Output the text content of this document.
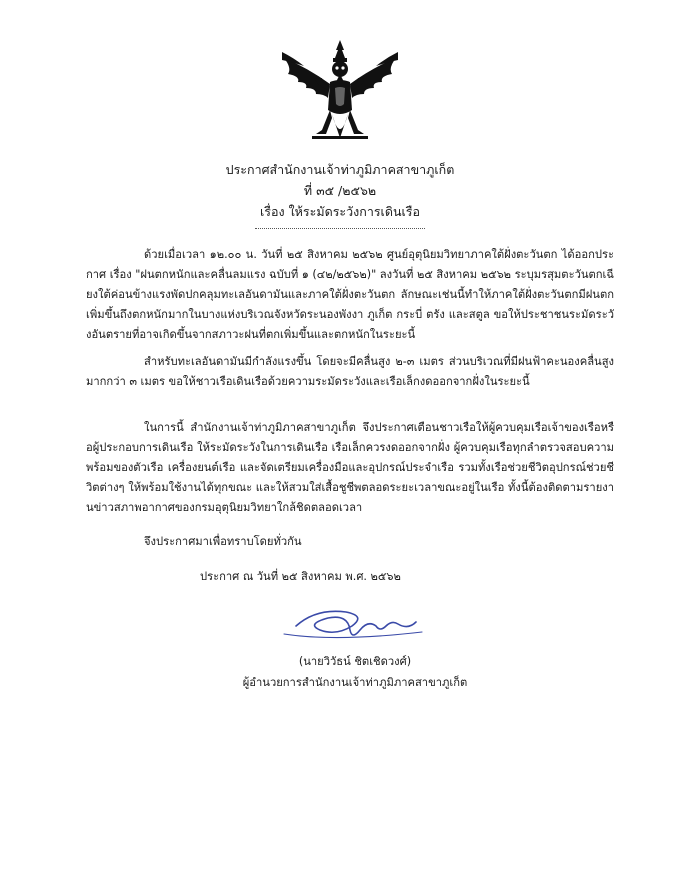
ประกาศสำนักงานเจ้าท่าภูมิภาคสาขาภูเก็ต
ที่ ๓๕ /๒๕๖๒
เรื่อง ให้ระมัดระวังการเดินเรือ
ด้วยเมื่อเวลา ๑๒.๐๐ น. วันที่ ๒๕ สิงหาคม ๒๕๖๒ ศูนย์อุตุนิยมวิทยาภาคใต้ฝั่งตะวันตก ได้ออกประกาศ เรื่อง "ฝนตกหนักและคลื่นลมแรง ฉบับที่ ๑ (๔๒/๒๕๖๒)" ลงวันที่ ๒๕ สิงหาคม ๒๕๖๒ ระบุมรสุมตะวันตกเฉียงใต้ค่อนข้างแรงพัดปกคลุมทะเลอันดามันและภาคใต้ฝั่งตะวันตก ลักษณะเช่นนี้ทำให้ภาคใต้ฝั่งตะวันตกมีฝนตกเพิ่มขึ้นถึงตกหนักมากในบางแห่งบริเวณจังหวัดระนองพังงา ภูเก็ต กระบี่ ตรัง และสตูล ขอให้ประชาชนระมัดระวังอันตรายที่อาจเกิดขึ้นจากสภาวะฝนที่ตกเพิ่มขึ้นและตกหนักในระยะนี้
สำหรับทะเลอันดามันมีกำลังแรงขึ้น โดยจะมีคลื่นสูง ๒-๓ เมตร ส่วนบริเวณที่มีฝนฟ้าคะนองคลื่นสูงมากกว่า ๓ เมตร ขอให้ชาวเรือเดินเรือด้วยความระมัดระวังและเรือเล็กงดออกจากฝั่งในระยะนี้
ในการนี้ สำนักงานเจ้าท่าภูมิภาคสาขาภูเก็ต จึงประกาศเตือนชาวเรือให้ผู้ควบคุมเรือเจ้าของเรือหรือผู้ประกอบการเดินเรือ ให้ระมัดระวังในการเดินเรือ เรือเล็กควรงดออกจากฝั่ง ผู้ควบคุมเรือทุกลำตรวจสอบความพร้อมของตัวเรือ เครื่องยนต์เรือ และจัดเตรียมเครื่องมือและอุปกรณ์ประจำเรือ รวมทั้งเรือช่วยชีวิตอุปกรณ์ช่วยชีวิตต่างๆ ให้พร้อมใช้งานได้ทุกขณะ และให้สวมใส่เสื้อชูชีพตลอดระยะเวลาขณะอยู่ในเรือ ทั้งนี้ต้องติดตามรายงานข่าวสภาพอากาศของกรมอุตุนิยมวิทยาใกล้ชิดตลอดเวลา
จึงประกาศมาเพื่อทราบโดยทั่วกัน
ประกาศ ณ วันที่ ๒๕ สิงหาคม พ.ศ. ๒๕๖๒
(นายวิวัธน์ ชิตเชิดวงศ์)
ผู้อำนวยการสำนักงานเจ้าท่าภูมิภาคสาขาภูเก็ต
